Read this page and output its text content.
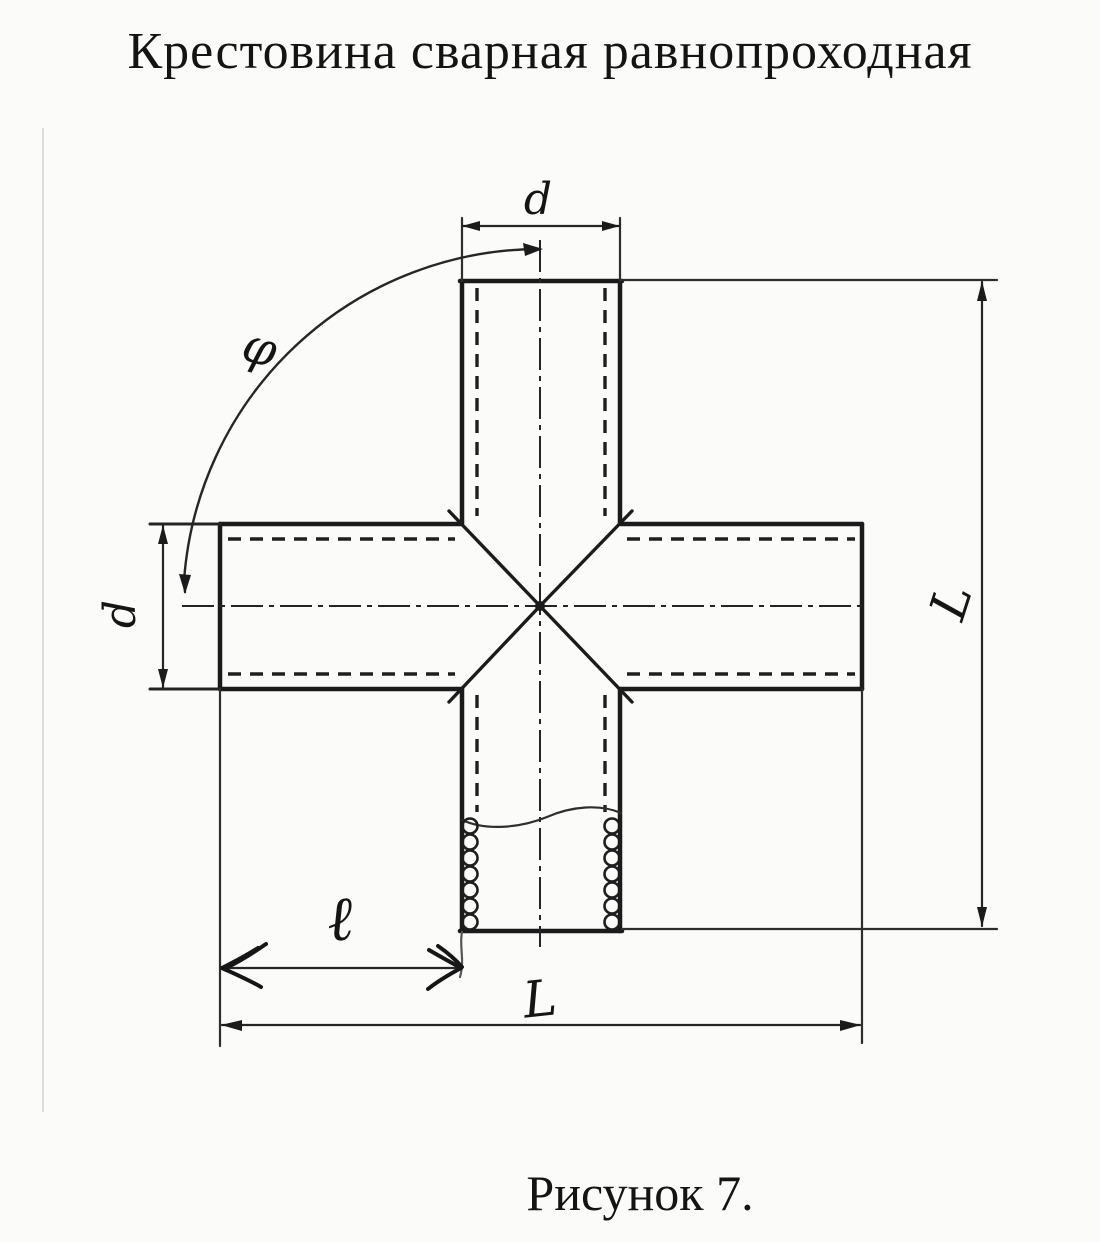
Крестовина сварная равнопроходная
d
d	L
ℓ
L
φ
Рисунок 7.
